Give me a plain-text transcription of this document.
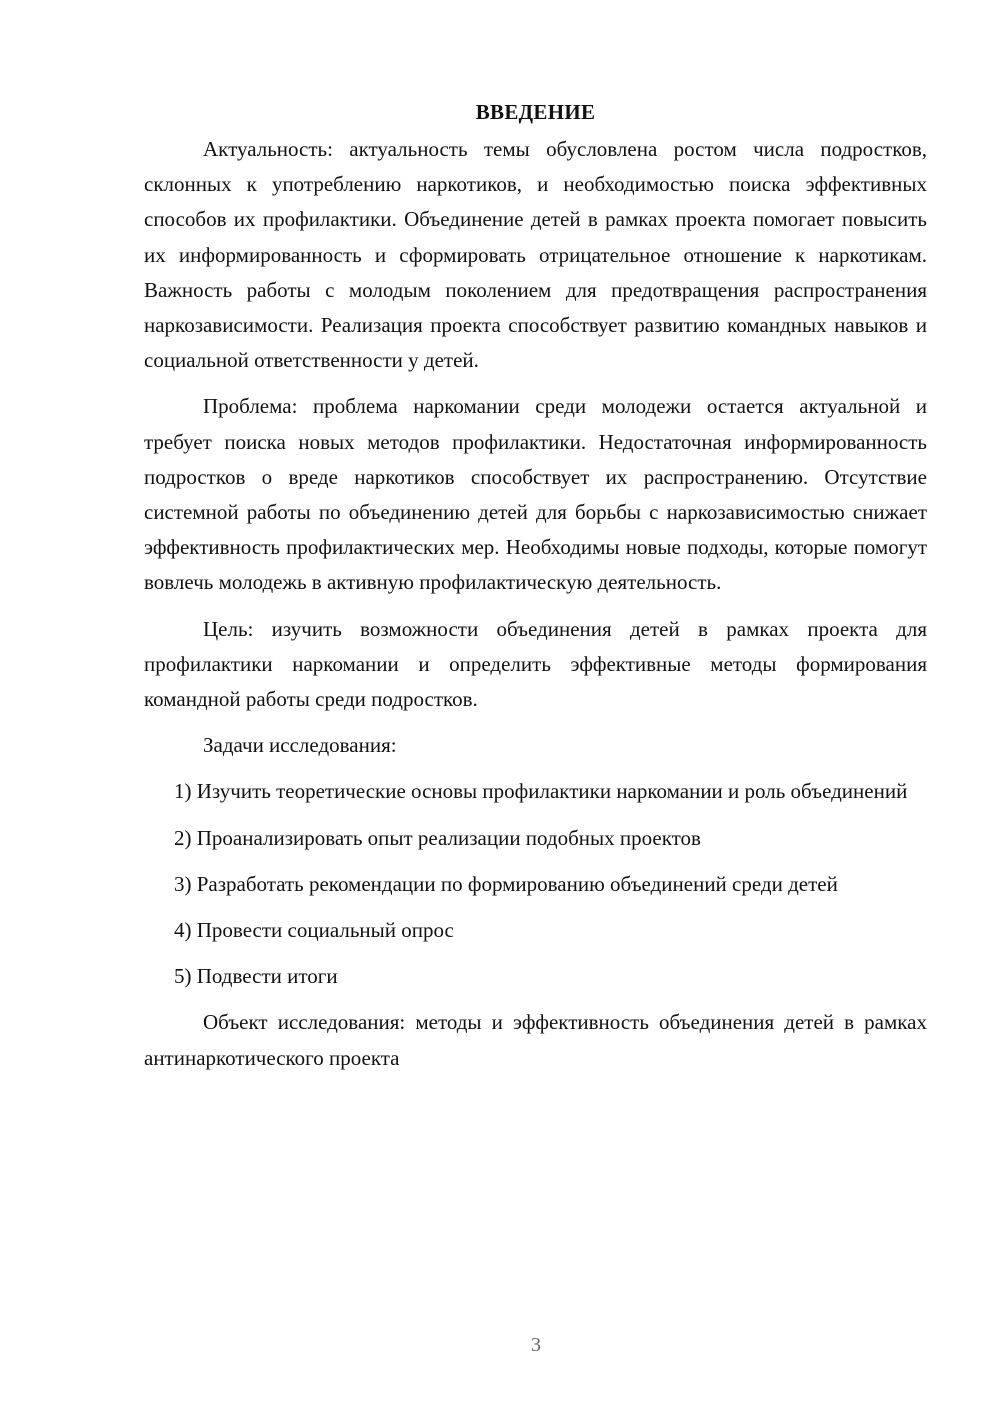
ВВЕДЕНИЕ

Актуальность: актуальность темы обусловлена ростом числа подростков, склонных к употреблению наркотиков, и необходимостью поиска эффективных способов их профилактики. Объединение детей в рамках проекта помогает повысить их информированность и сформировать отрицательное отношение к наркотикам. Важность работы с молодым поколением для предотвращения распространения наркозависимости. Реализация проекта способствует развитию командных навыков и социальной ответственности у детей.

Проблема: проблема наркомании среди молодежи остается актуальной и требует поиска новых методов профилактики. Недостаточная информированность подростков о вреде наркотиков способствует их распространению. Отсутствие системной работы по объединению детей для борьбы с наркозависимостью снижает эффективность профилактических мер. Необходимы новые подходы, которые помогут вовлечь молодежь в активную профилактическую деятельность.

Цель: изучить возможности объединения детей в рамках проекта для профилактики наркомании и определить эффективные методы формирования командной работы среди подростков.

Задачи исследования:

1) Изучить теоретические основы профилактики наркомании и роль объединений

2) Проанализировать опыт реализации подобных проектов

3) Разработать рекомендации по формированию объединений среди детей

4) Провести социальный опрос

5) Подвести итоги

Объект исследования: методы и эффективность объединения детей в рамках антинаркотического проекта

3
